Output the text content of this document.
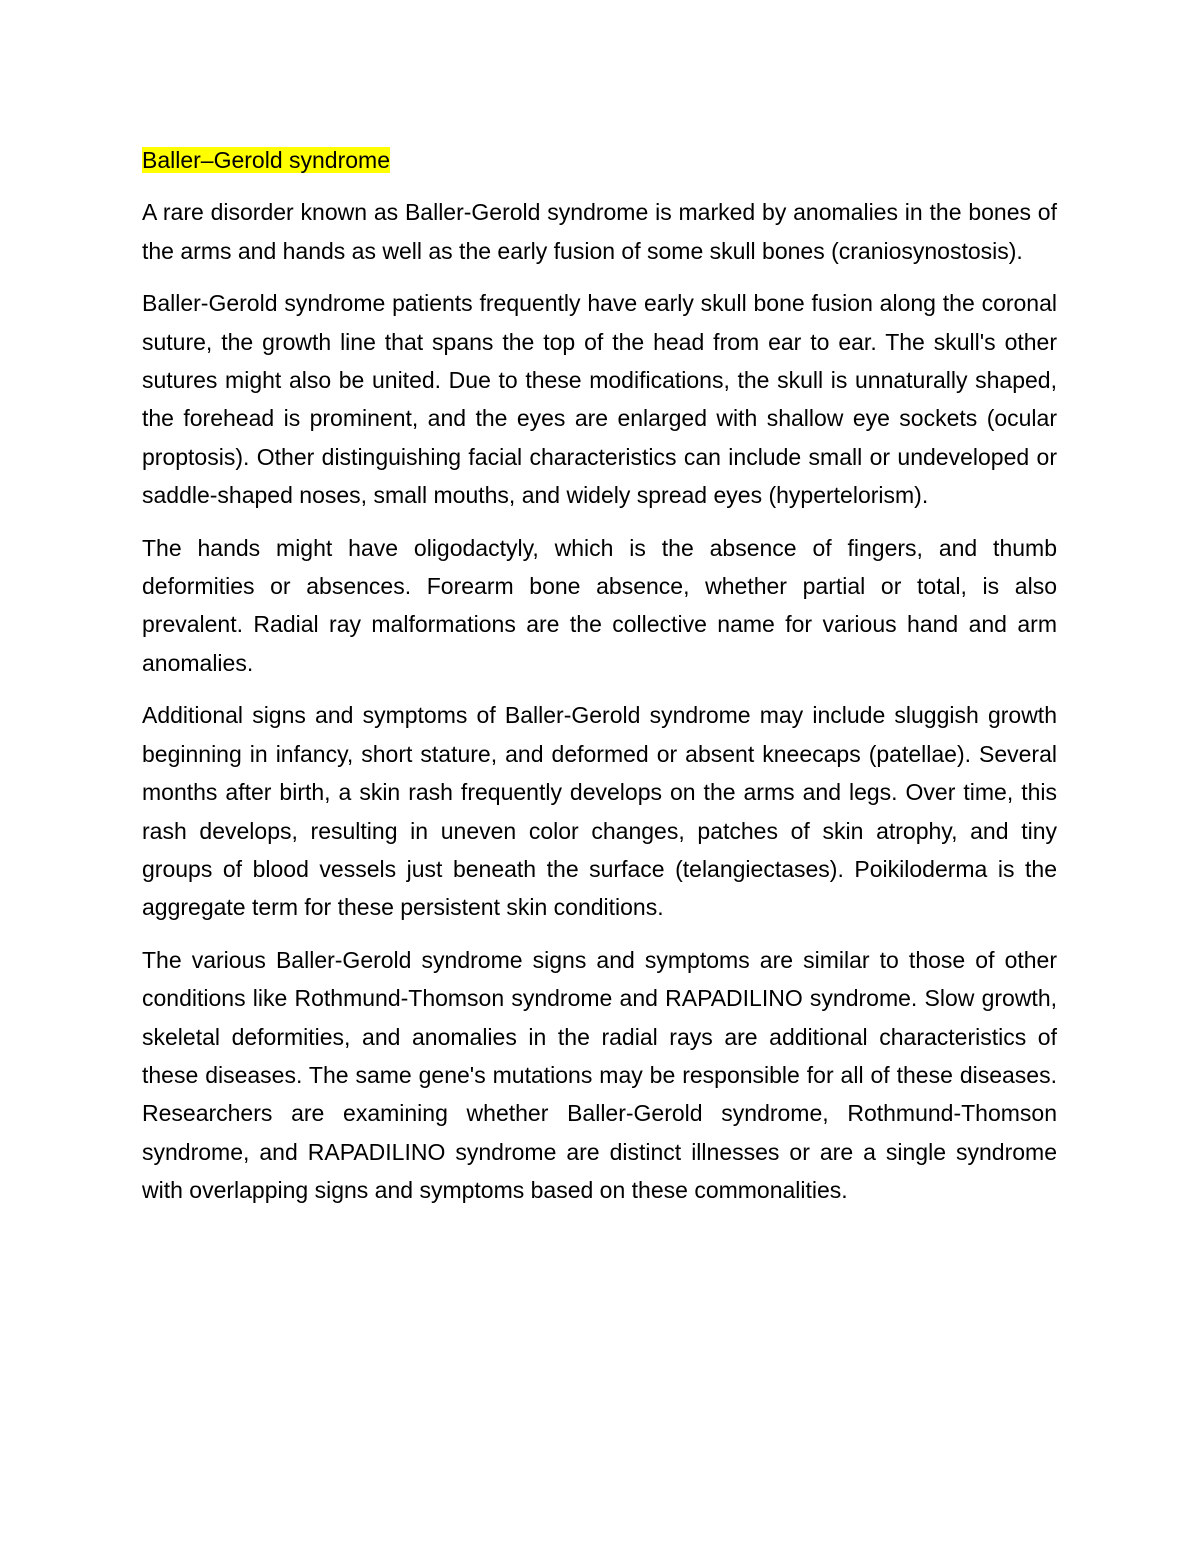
Baller–Gerold syndrome

A rare disorder known as Baller-Gerold syndrome is marked by anomalies in the bones of the arms and hands as well as the early fusion of some skull bones (craniosynostosis).

Baller-Gerold syndrome patients frequently have early skull bone fusion along the coronal suture, the growth line that spans the top of the head from ear to ear. The skull's other sutures might also be united. Due to these modifications, the skull is unnaturally shaped, the forehead is prominent, and the eyes are enlarged with shallow eye sockets (ocular proptosis). Other distinguishing facial characteristics can include small or undeveloped or saddle-shaped noses, small mouths, and widely spread eyes (hypertelorism).

The hands might have oligodactyly, which is the absence of fingers, and thumb deformities or absences. Forearm bone absence, whether partial or total, is also prevalent. Radial ray malformations are the collective name for various hand and arm anomalies.

Additional signs and symptoms of Baller-Gerold syndrome may include sluggish growth beginning in infancy, short stature, and deformed or absent kneecaps (patellae). Several months after birth, a skin rash frequently develops on the arms and legs. Over time, this rash develops, resulting in uneven color changes, patches of skin atrophy, and tiny groups of blood vessels just beneath the surface (telangiectases). Poikiloderma is the aggregate term for these persistent skin conditions.

The various Baller-Gerold syndrome signs and symptoms are similar to those of other conditions like Rothmund-Thomson syndrome and RAPADILINO syndrome. Slow growth, skeletal deformities, and anomalies in the radial rays are additional characteristics of these diseases. The same gene's mutations may be responsible for all of these diseases. Researchers are examining whether Baller-Gerold syndrome, Rothmund-Thomson syndrome, and RAPADILINO syndrome are distinct illnesses or are a single syndrome with overlapping signs and symptoms based on these commonalities.
